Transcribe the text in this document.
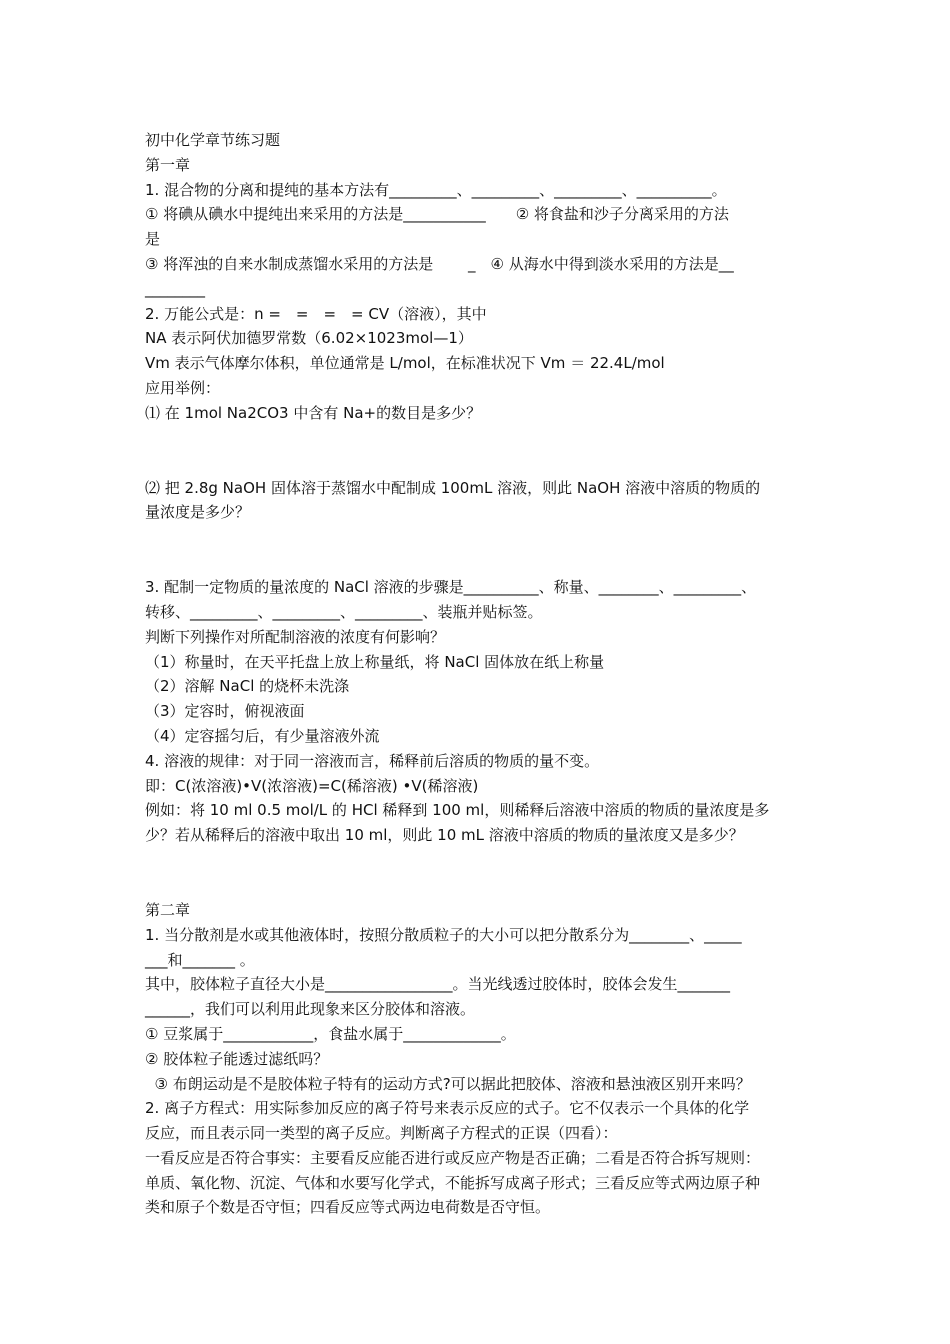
初中化学章节练习题
第一章
1. 混合物的分离和提纯的基本方法有_________、_________、_________、__________。
① 将碘从碘水中提纯出来采用的方法是___________　　② 将食盐和沙子分离采用的方法
是
③ 将浑浊的自来水制成蒸馏水采用的方法是　　 _　④ 从海水中得到淡水采用的方法是__
________
2. 万能公式是：n =　=　=　= CV（溶液），其中
NA 表示阿伏加德罗常数（6.02×1023mol—1）
Vm 表示气体摩尔体积，单位通常是 L/mol，在标准状况下 Vm ＝ 22.4L/mol
应用举例：
⑴ 在 1mol Na2CO3 中含有 Na+的数目是多少？
⑵ 把 2.8g NaOH 固体溶于蒸馏水中配制成 100mL 溶液，则此 NaOH 溶液中溶质的物质的
量浓度是多少？
3. 配制一定物质的量浓度的 NaCl 溶液的步骤是__________、称量、________、_________、
转移、_________、_________、_________、装瓶并贴标签。
判断下列操作对所配制溶液的浓度有何影响？
（1）称量时，在天平托盘上放上称量纸，将 NaCl 固体放在纸上称量
（2）溶解 NaCl 的烧杯未洗涤
（3）定容时，俯视液面
（4）定容摇匀后，有少量溶液外流
4. 溶液的规律：对于同一溶液而言，稀释前后溶质的物质的量不变。
即：C(浓溶液)•V(浓溶液)=C(稀溶液) •V(稀溶液)
例如：将 10 ml 0.5 mol/L 的 HCl 稀释到 100 ml，则稀释后溶液中溶质的物质的量浓度是多
少？若从稀释后的溶液中取出 10 ml，则此 10 mL 溶液中溶质的物质的量浓度又是多少？
第二章
1. 当分散剂是水或其他液体时，按照分散质粒子的大小可以把分散系分为________、_____
___和_______ 。
其中，胶体粒子直径大小是_________________。当光线透过胶体时，胶体会发生_______
______，我们可以利用此现象来区分胶体和溶液。
① 豆浆属于____________，食盐水属于_____________。
② 胶体粒子能透过滤纸吗？
③ 布朗运动是不是胶体粒子特有的运动方式?可以据此把胶体、溶液和悬浊液区别开来吗？
2. 离子方程式：用实际参加反应的离子符号来表示反应的式子。它不仅表示一个具体的化学
反应，而且表示同一类型的离子反应。判断离子方程式的正误（四看）：
一看反应是否符合事实：主要看反应能否进行或反应产物是否正确；二看是否符合拆写规则：
单质、氧化物、沉淀、气体和水要写化学式，不能拆写成离子形式；三看反应等式两边原子种
类和原子个数是否守恒；四看反应等式两边电荷数是否守恒。
